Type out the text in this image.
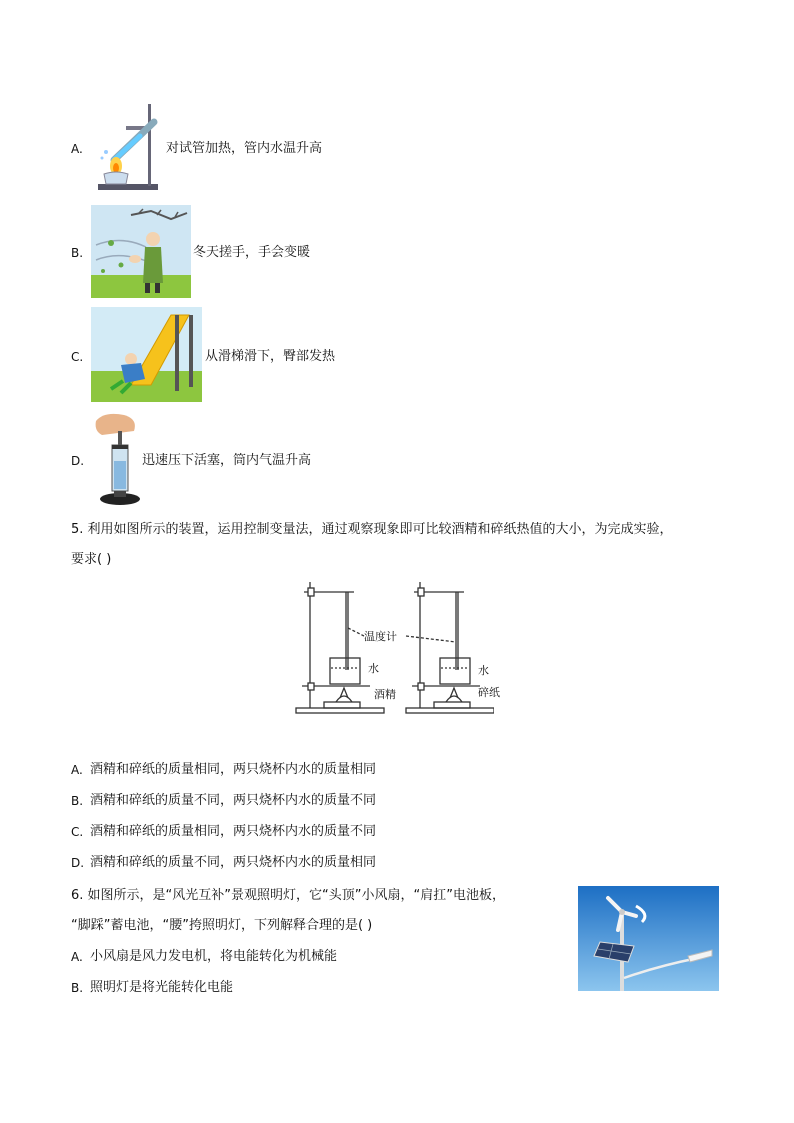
A.	对试管加热，管内水温升高
B.	冬天搓手，手会变暖
C.	从滑梯滑下，臀部发热
D.	迅速压下活塞，筒内气温升高
5. 利用如图所示的装置，运用控制变量法，通过观察现象即可比较酒精和碎纸热值的大小，为完成实验，
要求( )
温度计
水
酒精
水
碎纸
A. 酒精和碎纸的质量相同，两只烧杯内水的质量相同
B. 酒精和碎纸的质量不同，两只烧杯内水的质量不同
C. 酒精和碎纸的质量相同，两只烧杯内水的质量不同
D. 酒精和碎纸的质量不同，两只烧杯内水的质量相同
6. 如图所示，是“风光互补”景观照明灯，它“头顶”小风扇，“肩扛”电池板，
“脚踩”蓄电池，“腰”挎照明灯，下列解释合理的是( )
A. 小风扇是风力发电机，将电能转化为机械能
B. 照明灯是将光能转化电能
